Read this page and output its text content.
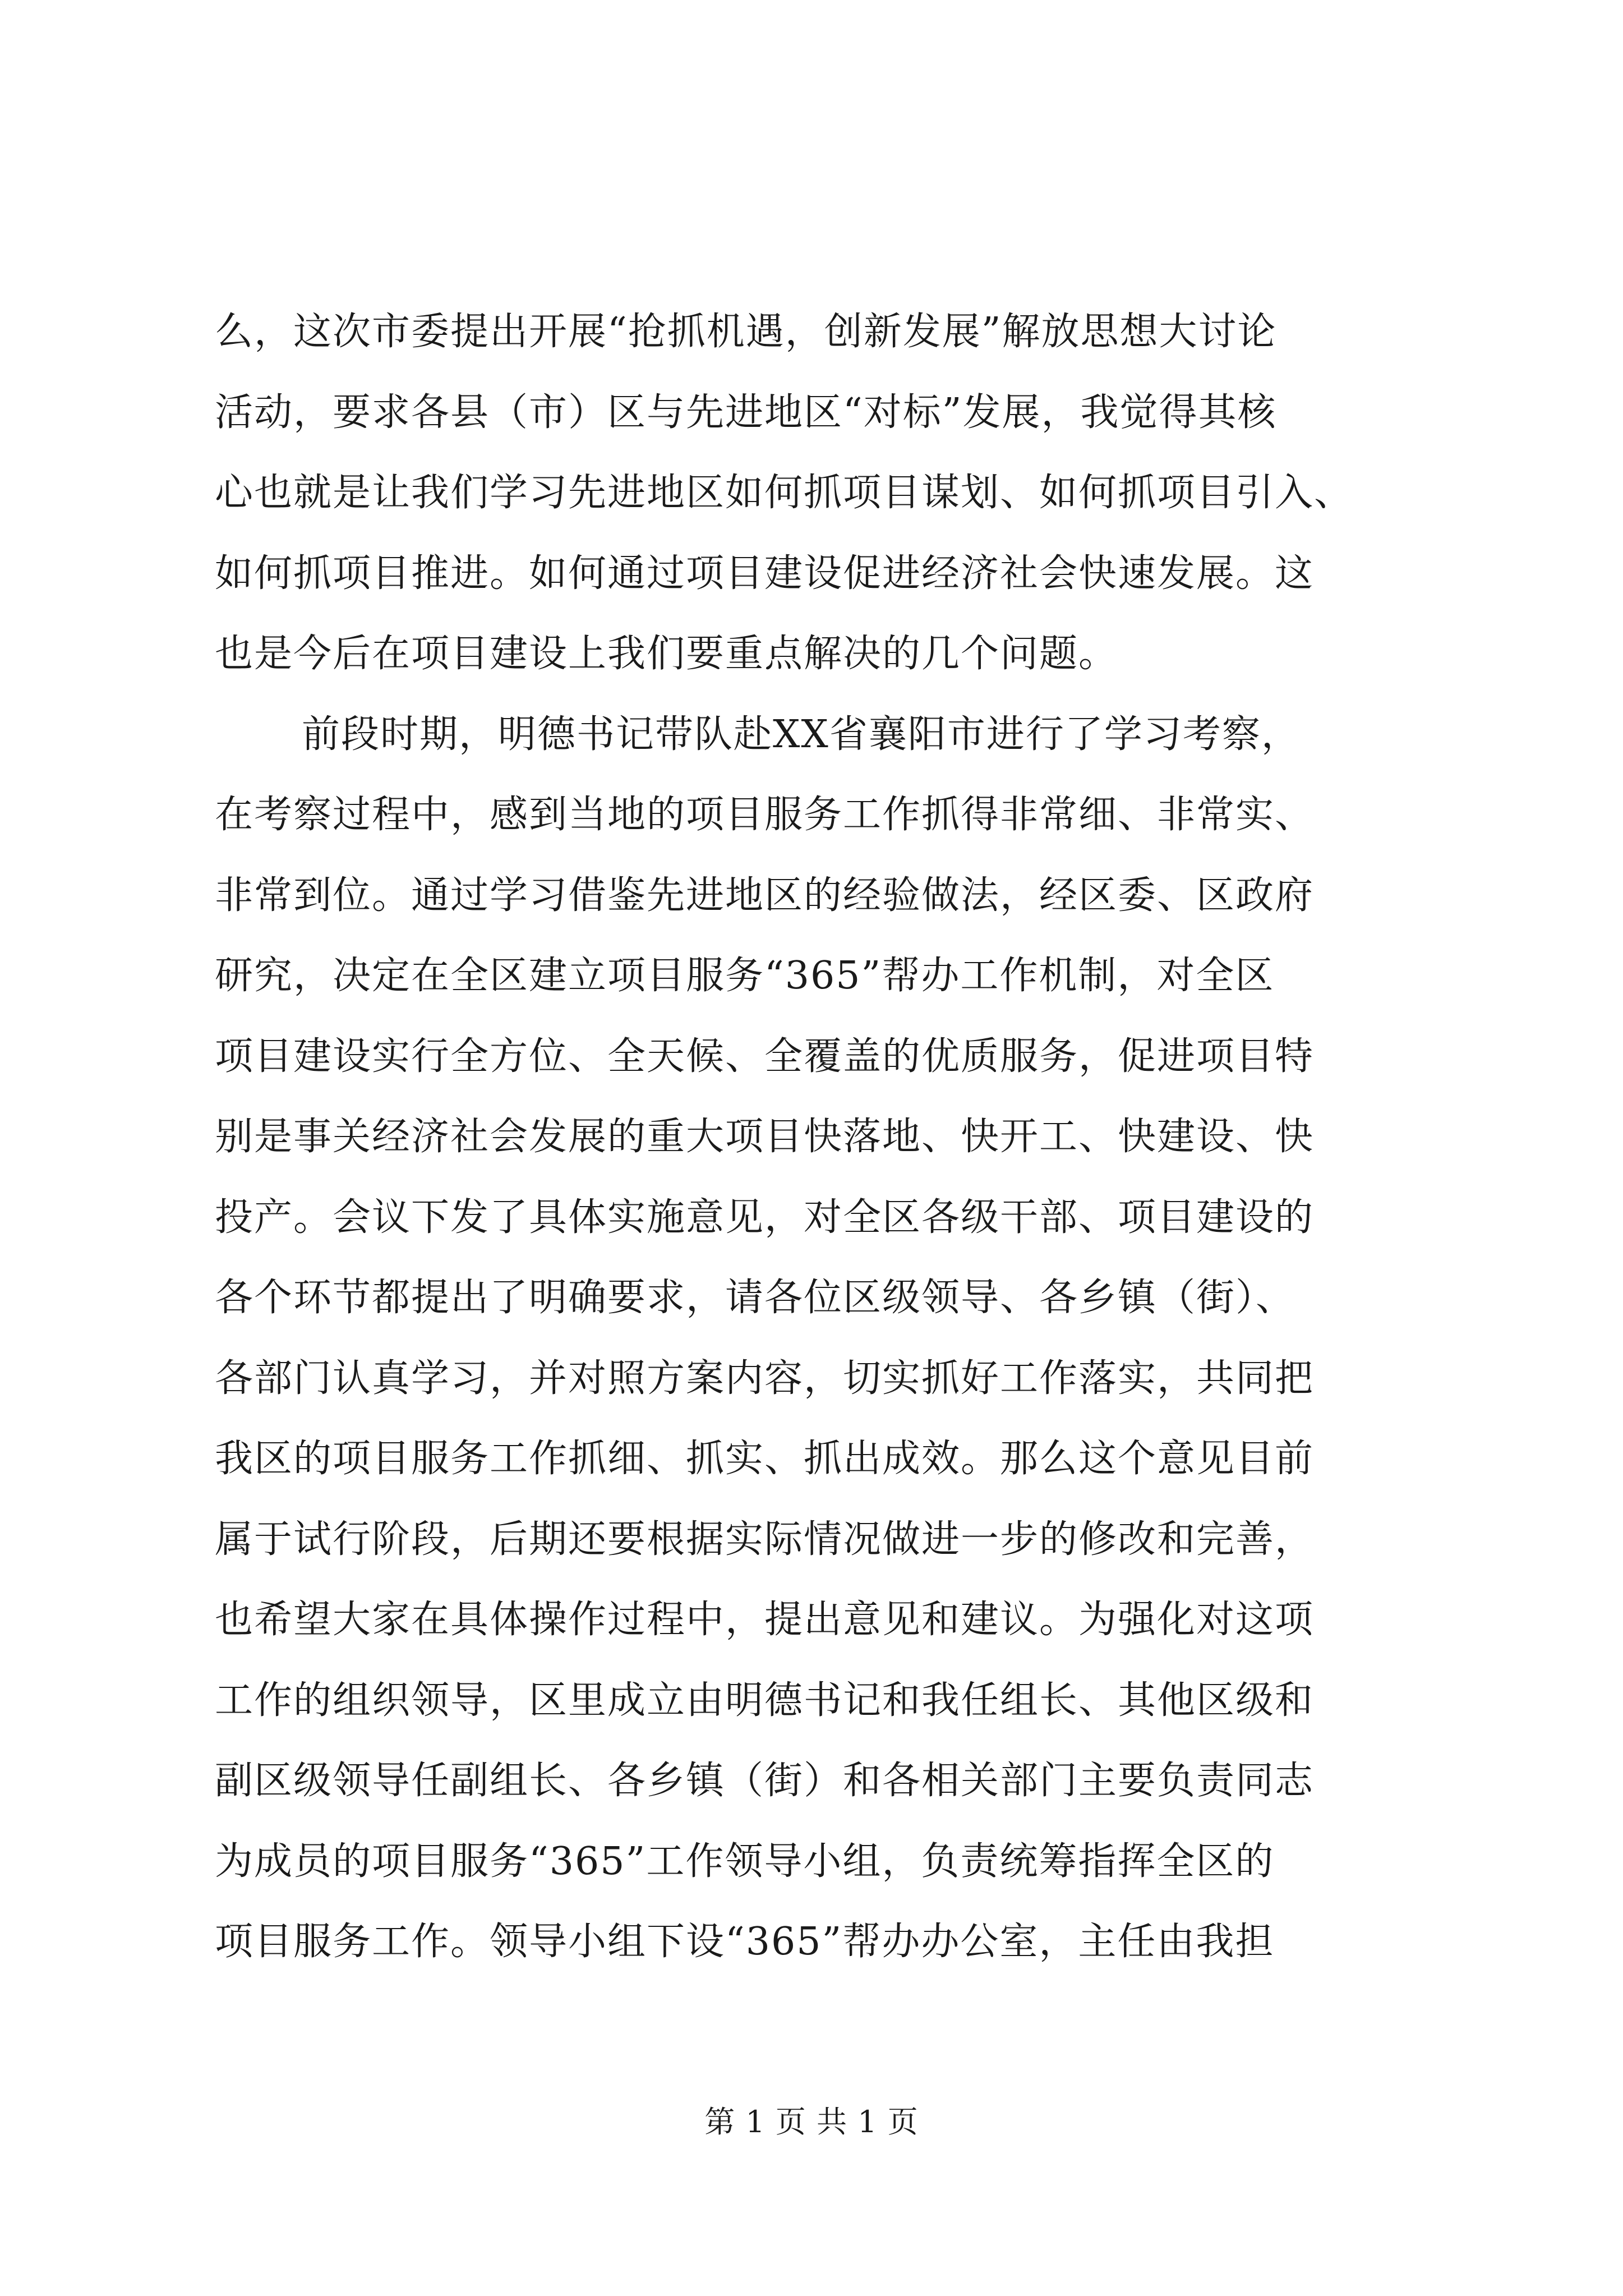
么，这次市委提出开展“抢抓机遇，创新发展”解放思想大讨论
活动，要求各县（市）区与先进地区“对标”发展，我觉得其核
心也就是让我们学习先进地区如何抓项目谋划、如何抓项目引入、
如何抓项目推进。如何通过项目建设促进经济社会快速发展。这
也是今后在项目建设上我们要重点解决的几个问题。
前段时期，明德书记带队赴XX省襄阳市进行了学习考察，
在考察过程中，感到当地的项目服务工作抓得非常细、非常实、
非常到位。通过学习借鉴先进地区的经验做法，经区委、区政府
研究，决定在全区建立项目服务“365”帮办工作机制，对全区
项目建设实行全方位、全天候、全覆盖的优质服务，促进项目特
别是事关经济社会发展的重大项目快落地、快开工、快建设、快
投产。会议下发了具体实施意见，对全区各级干部、项目建设的
各个环节都提出了明确要求，请各位区级领导、各乡镇（街）、
各部门认真学习，并对照方案内容，切实抓好工作落实，共同把
我区的项目服务工作抓细、抓实、抓出成效。那么这个意见目前
属于试行阶段，后期还要根据实际情况做进一步的修改和完善，
也希望大家在具体操作过程中，提出意见和建议。为强化对这项
工作的组织领导，区里成立由明德书记和我任组长、其他区级和
副区级领导任副组长、各乡镇（街）和各相关部门主要负责同志
为成员的项目服务“365”工作领导小组，负责统筹指挥全区的
项目服务工作。领导小组下设“365”帮办办公室，主任由我担
第 1 页 共 1 页
